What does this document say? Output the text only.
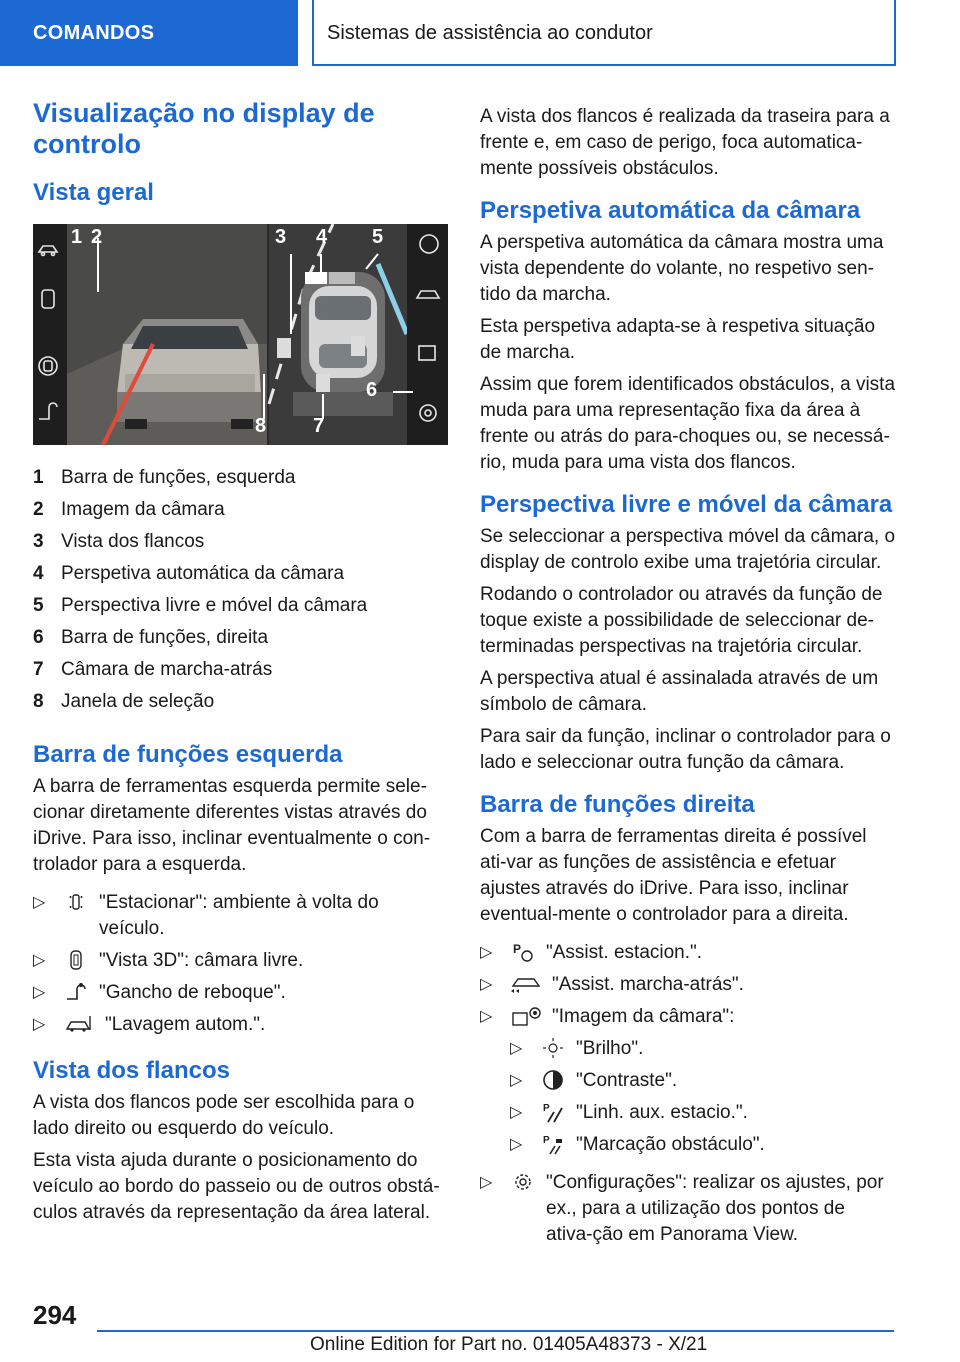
COMANDOS	Sistemas de assistência ao condutor
Visualização no display de controlo
Vista geral
1 2	3 4 5
6
7
8
1 Barra de funções, esquerda
2 Imagem da câmara
3 Vista dos flancos
4 Perspetiva automática da câmara
5 Perspectiva livre e móvel da câmara
6 Barra de funções, direita
7 Câmara de marcha-atrás
8 Janela de seleção
Barra de funções esquerda

A barra de ferramentas esquerda permite sele-cionar diretamente diferentes vistas através do iDrive. Para isso, inclinar eventualmente o con-trolador para a esquerda.

▷	"Estacionar": ambiente à volta do veículo.
▷	"Vista 3D": câmara livre.
▷	"Gancho de reboque".
▷	"Lavagem autom.".
Vista dos flancos

A vista dos flancos pode ser escolhida para o lado direito ou esquerdo do veículo.

Esta vista ajuda durante o posicionamento do veículo ao bordo do passeio ou de outros obstá-culos através da representação da área lateral.

A vista dos flancos é realizada da traseira para a frente e, em caso de perigo, foca automatica-mente possíveis obstáculos.

Perspetiva automática da câmara

A perspetiva automática da câmara mostra uma vista dependente do volante, no respetivo sen-tido da marcha.

Esta perspetiva adapta-se à respetiva situação de marcha.

Assim que forem identificados obstáculos, a vista muda para uma representação fixa da área à frente ou atrás do para-choques ou, se necessá-rio, muda para uma vista dos flancos.

Perspectiva livre e móvel da câmara

Se seleccionar a perspectiva móvel da câmara, o display de controlo exibe uma trajetória circular.

Rodando o controlador ou através da função de toque existe a possibilidade de seleccionar de-terminadas perspectivas na trajetória circular.

A perspectiva atual é assinalada através de um símbolo de câmara.

Para sair da função, inclinar o controlador para o lado e seleccionar outra função da câmara.

Barra de funções direita

Com a barra de ferramentas direita é possível ati-var as funções de assistência e efetuar ajustes através do iDrive. Para isso, inclinar eventual-mente o controlador para a direita.

▷	P "Assist. estacion.".
▷	"Assist. marcha-atrás".
▷	"Imagem da câmara":
▷	"Brilho".
▷	"Contraste".
▷	P "Linh. aux. estacio.".
▷	P "Marcação obstáculo".
▷	"Configurações": realizar os ajustes, por ex., para a utilização dos pontos de ativa-ção em Panorama View.
294
Online Edition for Part no. 01405A48373 - X/21
